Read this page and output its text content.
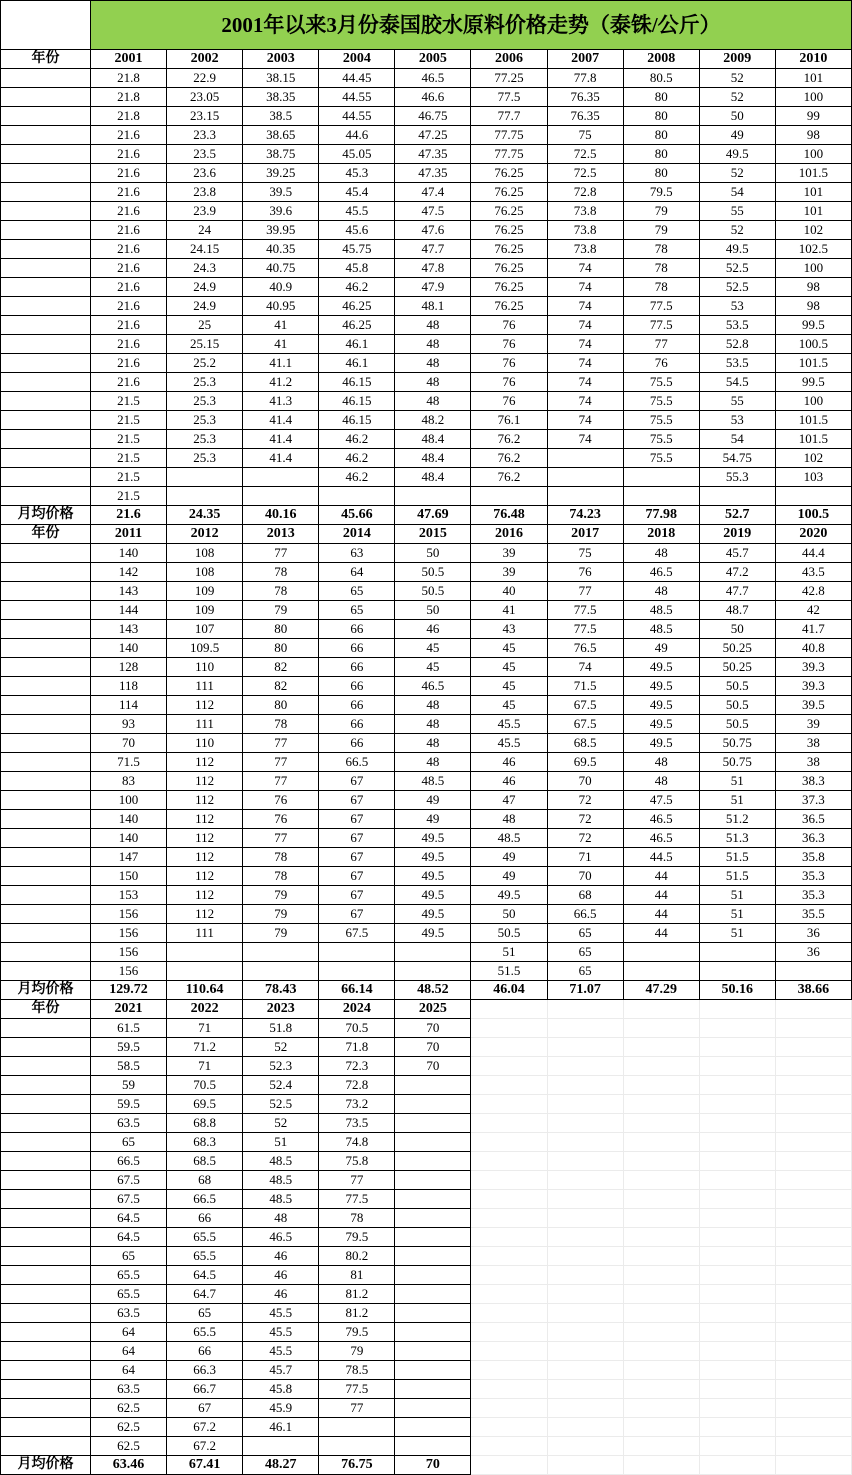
	2001年以来3月份泰国胶水原料价格走势（泰铢/公斤）									
年份	2001	2002	2003	2004	2005	2006	2007	2008	2009	2010
	21.8	22.9	38.15	44.45	46.5	77.25	77.8	80.5	52	101
	21.8	23.05	38.35	44.55	46.6	77.5	76.35	80	52	100
	21.8	23.15	38.5	44.55	46.75	77.7	76.35	80	50	99
	21.6	23.3	38.65	44.6	47.25	77.75	75	80	49	98
	21.6	23.5	38.75	45.05	47.35	77.75	72.5	80	49.5	100
	21.6	23.6	39.25	45.3	47.35	76.25	72.5	80	52	101.5
	21.6	23.8	39.5	45.4	47.4	76.25	72.8	79.5	54	101
	21.6	23.9	39.6	45.5	47.5	76.25	73.8	79	55	101
	21.6	24	39.95	45.6	47.6	76.25	73.8	79	52	102
	21.6	24.15	40.35	45.75	47.7	76.25	73.8	78	49.5	102.5
	21.6	24.3	40.75	45.8	47.8	76.25	74	78	52.5	100
	21.6	24.9	40.9	46.2	47.9	76.25	74	78	52.5	98
	21.6	24.9	40.95	46.25	48.1	76.25	74	77.5	53	98
	21.6	25	41	46.25	48	76	74	77.5	53.5	99.5
	21.6	25.15	41	46.1	48	76	74	77	52.8	100.5
	21.6	25.2	41.1	46.1	48	76	74	76	53.5	101.5
	21.6	25.3	41.2	46.15	48	76	74	75.5	54.5	99.5
	21.5	25.3	41.3	46.15	48	76	74	75.5	55	100
	21.5	25.3	41.4	46.15	48.2	76.1	74	75.5	53	101.5
	21.5	25.3	41.4	46.2	48.4	76.2	74	75.5	54	101.5
	21.5	25.3	41.4	46.2	48.4	76.2		75.5	54.75	102
	21.5			46.2	48.4	76.2			55.3	103
	21.5									
月均价格	21.6	24.35	40.16	45.66	47.69	76.48	74.23	77.98	52.7	100.5
年份	2011	2012	2013	2014	2015	2016	2017	2018	2019	2020
	140	108	77	63	50	39	75	48	45.7	44.4
	142	108	78	64	50.5	39	76	46.5	47.2	43.5
	143	109	78	65	50.5	40	77	48	47.7	42.8
	144	109	79	65	50	41	77.5	48.5	48.7	42
	143	107	80	66	46	43	77.5	48.5	50	41.7
	140	109.5	80	66	45	45	76.5	49	50.25	40.8
	128	110	82	66	45	45	74	49.5	50.25	39.3
	118	111	82	66	46.5	45	71.5	49.5	50.5	39.3
	114	112	80	66	48	45	67.5	49.5	50.5	39.5
	93	111	78	66	48	45.5	67.5	49.5	50.5	39
	70	110	77	66	48	45.5	68.5	49.5	50.75	38
	71.5	112	77	66.5	48	46	69.5	48	50.75	38
	83	112	77	67	48.5	46	70	48	51	38.3
	100	112	76	67	49	47	72	47.5	51	37.3
	140	112	76	67	49	48	72	46.5	51.2	36.5
	140	112	77	67	49.5	48.5	72	46.5	51.3	36.3
	147	112	78	67	49.5	49	71	44.5	51.5	35.8
	150	112	78	67	49.5	49	70	44	51.5	35.3
	153	112	79	67	49.5	49.5	68	44	51	35.3
	156	112	79	67	49.5	50	66.5	44	51	35.5
	156	111	79	67.5	49.5	50.5	65	44	51	36
	156					51	65			36
	156					51.5	65			
月均价格	129.72	110.64	78.43	66.14	48.52	46.04	71.07	47.29	50.16	38.66
年份	2021	2022	2023	2024	2025					
	61.5	71	51.8	70.5	70					
	59.5	71.2	52	71.8	70					
	58.5	71	52.3	72.3	70					
	59	70.5	52.4	72.8						
	59.5	69.5	52.5	73.2						
	63.5	68.8	52	73.5						
	65	68.3	51	74.8						
	66.5	68.5	48.5	75.8						
	67.5	68	48.5	77						
	67.5	66.5	48.5	77.5						
	64.5	66	48	78						
	64.5	65.5	46.5	79.5						
	65	65.5	46	80.2						
	65.5	64.5	46	81						
	65.5	64.7	46	81.2						
	63.5	65	45.5	81.2						
	64	65.5	45.5	79.5						
	64	66	45.5	79						
	64	66.3	45.7	78.5						
	63.5	66.7	45.8	77.5						
	62.5	67	45.9	77						
	62.5	67.2	46.1							
	62.5	67.2								
月均价格	63.46	67.41	48.27	76.75	70					
